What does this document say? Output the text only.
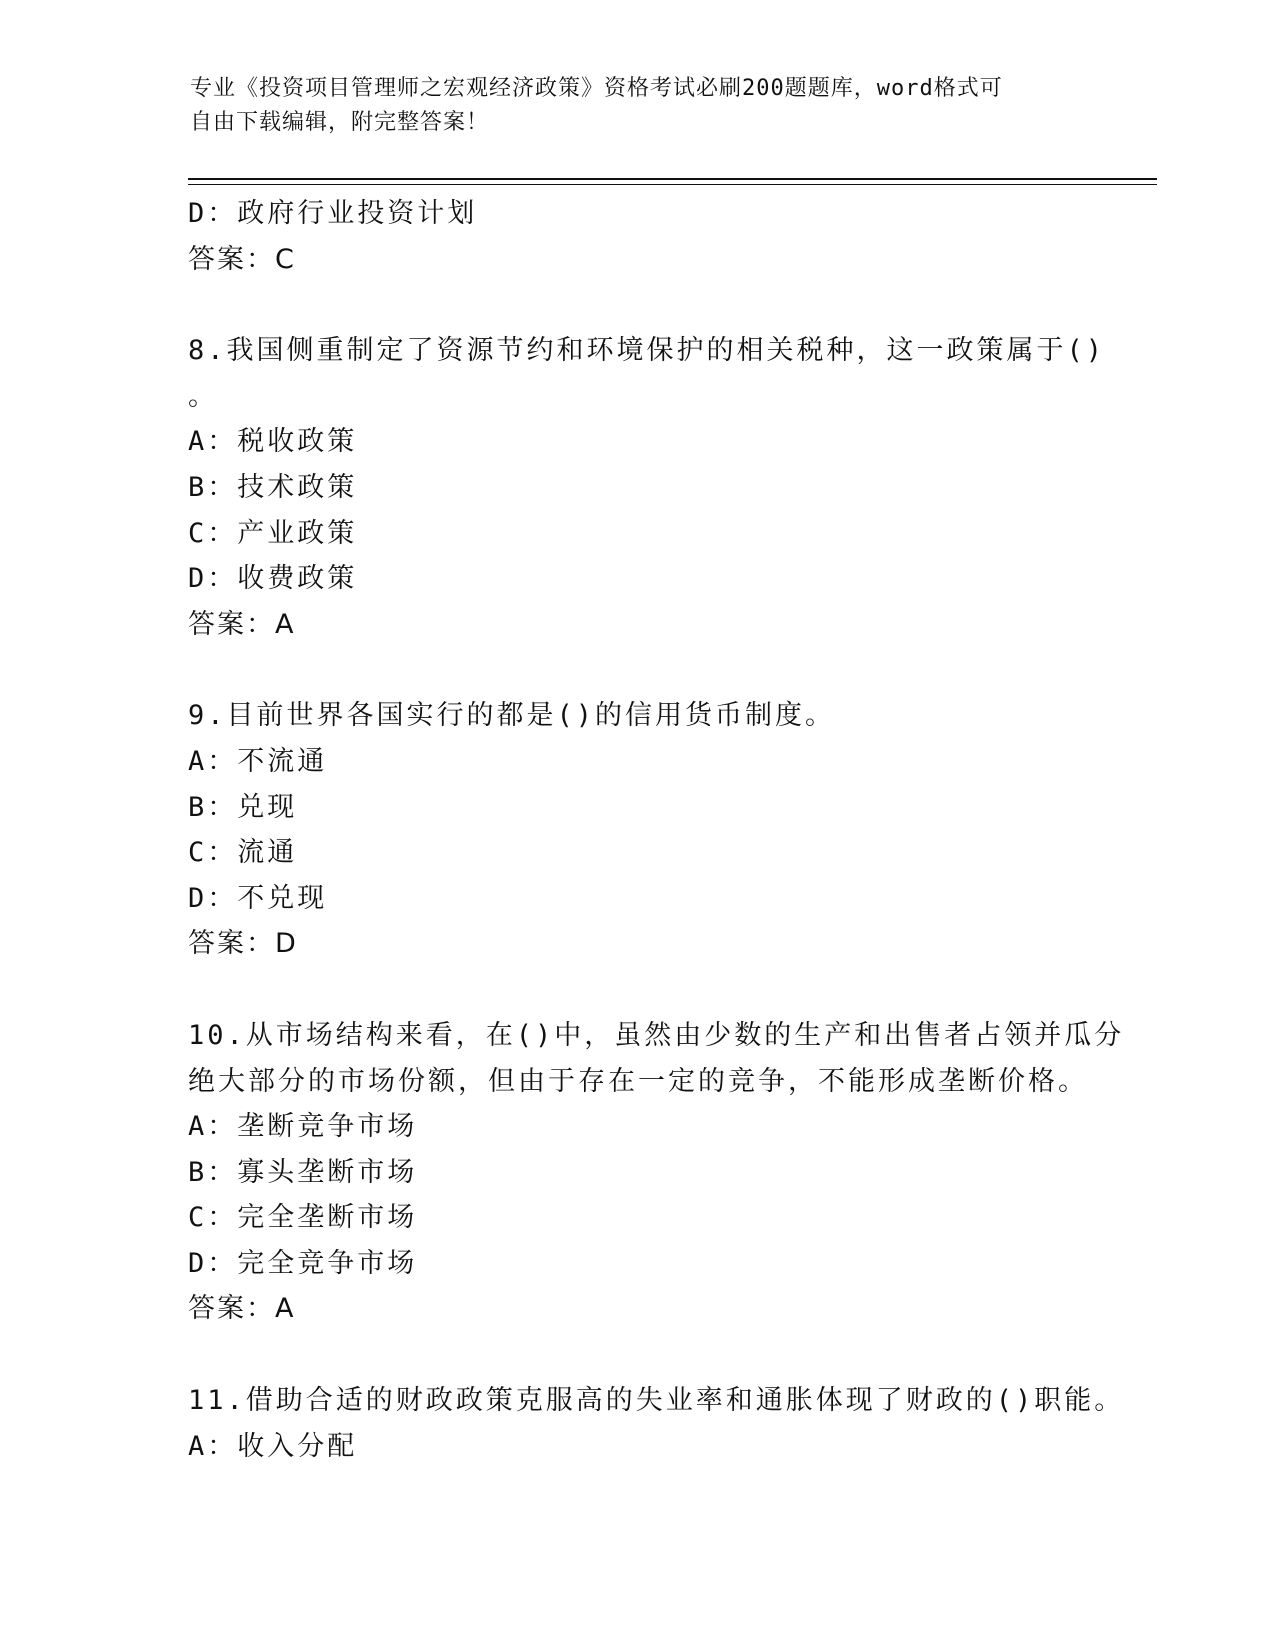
专业《投资项目管理师之宏观经济政策》资格考试必刷200题题库，word格式可
自由下载编辑，附完整答案！
D：政府行业投资计划
答案：C
8.我国侧重制定了资源节约和环境保护的相关税种，这一政策属于()
。
A：税收政策
B：技术政策
C：产业政策
D：收费政策
答案：A
9.目前世界各国实行的都是()的信用货币制度。
A：不流通
B：兑现
C：流通
D：不兑现
答案：D
10.从市场结构来看，在()中，虽然由少数的生产和出售者占领并瓜分
绝大部分的市场份额，但由于存在一定的竞争，不能形成垄断价格。
A：垄断竞争市场
B：寡头垄断市场
C：完全垄断市场
D：完全竞争市场
答案：A
11.借助合适的财政政策克服高的失业率和通胀体现了财政的()职能。
A：收入分配
